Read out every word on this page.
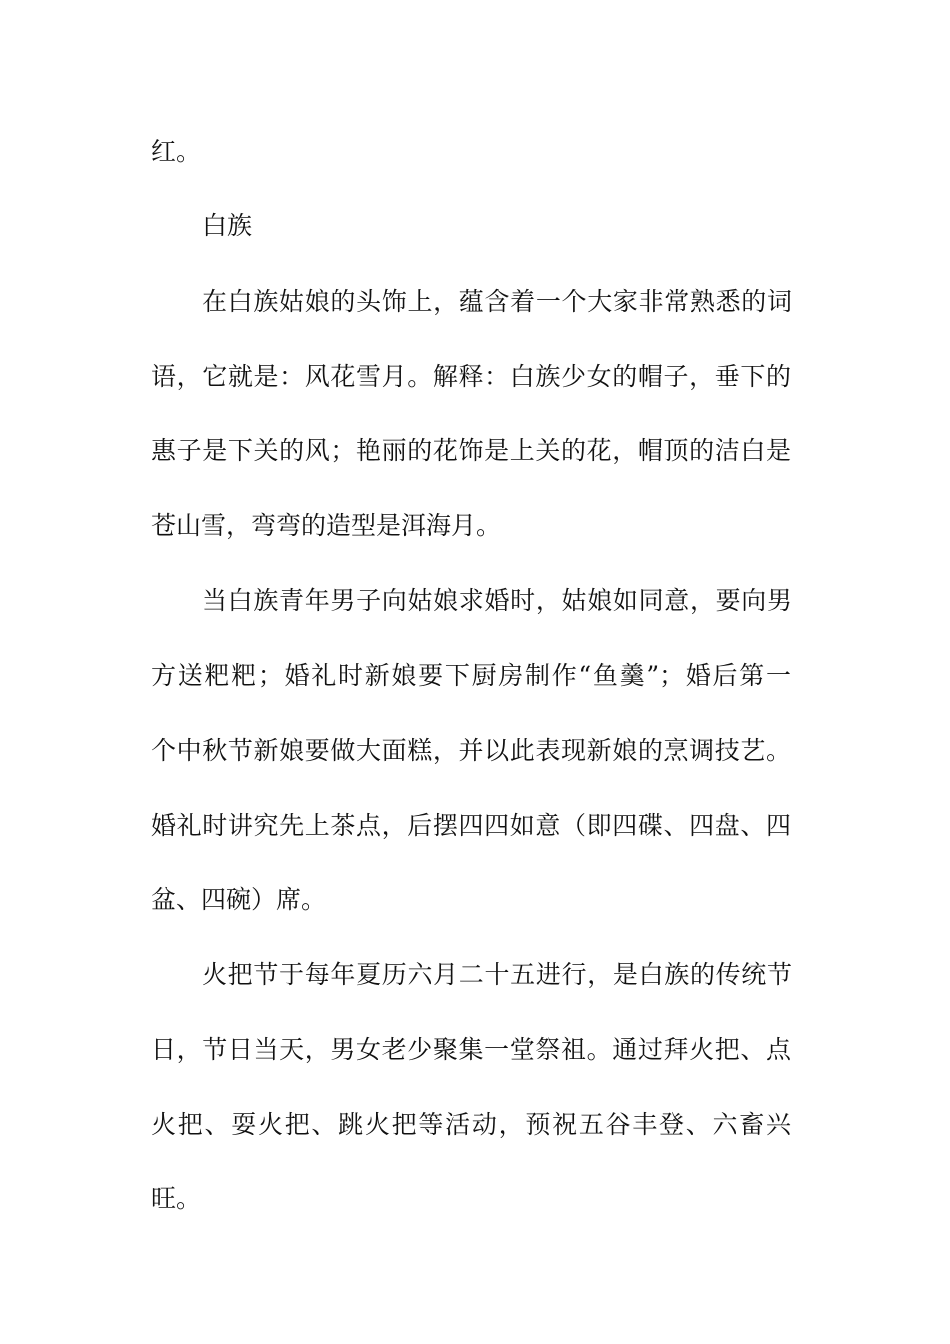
红。
白族
在白族姑娘的头饰上，蕴含着一个大家非常熟悉的词
语，它就是：风花雪月。解释：白族少女的帽子，垂下的
惠子是下关的风；艳丽的花饰是上关的花，帽顶的洁白是
苍山雪，弯弯的造型是洱海月。
当白族青年男子向姑娘求婚时，姑娘如同意，要向男
方送粑粑；婚礼时新娘要下厨房制作“鱼羹”；婚后第一
个中秋节新娘要做大面糕，并以此表现新娘的烹调技艺。
婚礼时讲究先上茶点，后摆四四如意（即四碟、四盘、四
盆、四碗）席。
火把节于每年夏历六月二十五进行，是白族的传统节
日，节日当天，男女老少聚集一堂祭祖。通过拜火把、点
火把、耍火把、跳火把等活动，预祝五谷丰登、六畜兴
旺。
